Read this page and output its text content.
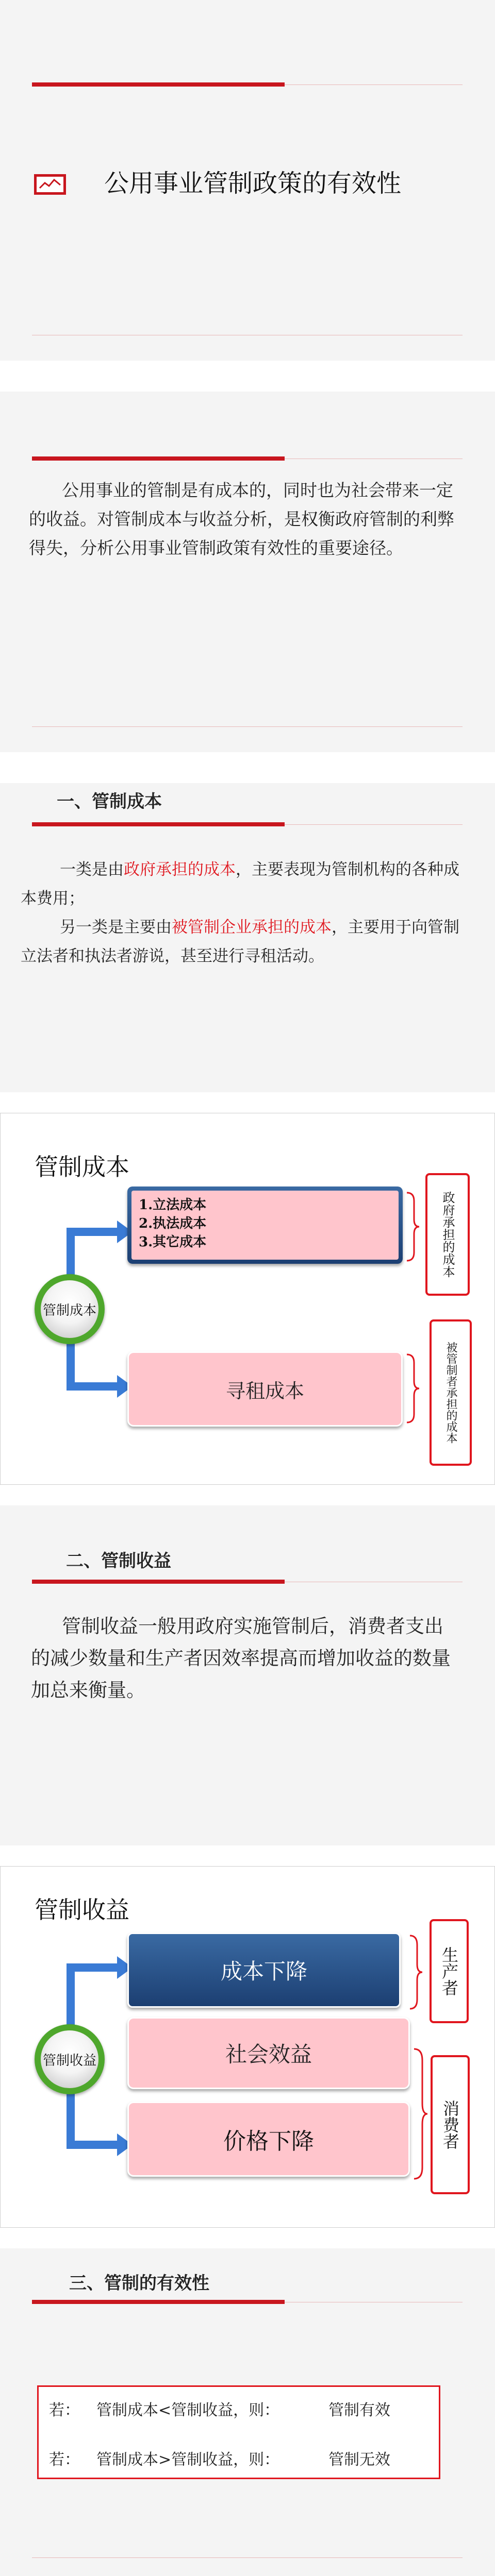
公用事业管制政策的有效性
公用事业的管制是有成本的，同时也为社会带来一定的收益。对管制成本与收益分析，是权衡政府管制的利弊得失，分析公用事业管制政策有效性的重要途径。
一、管制成本
一类是由政府承担的成本，主要表现为管制机构的各种成本费用；
另一类是主要由被管制企业承担的成本，主要用于向管制立法者和执法者游说，甚至进行寻租活动。
管制成本
管制成本
1.立法成本
2.执法成本
3.其它成本	政府承担的成本
寻租成本	被管制者承担的成本
二、管制收益
管制收益一般用政府实施管制后，消费者支出的减少数量和生产者因效率提高而增加收益的数量加总来衡量。
管制收益
管制收益
成本下降
社会效益
价格下降
生产者
消费者
三、管制的有效性
若： 管制成本<管制收益，则：	管制有效
若： 管制成本>管制收益，则：	管制无效
